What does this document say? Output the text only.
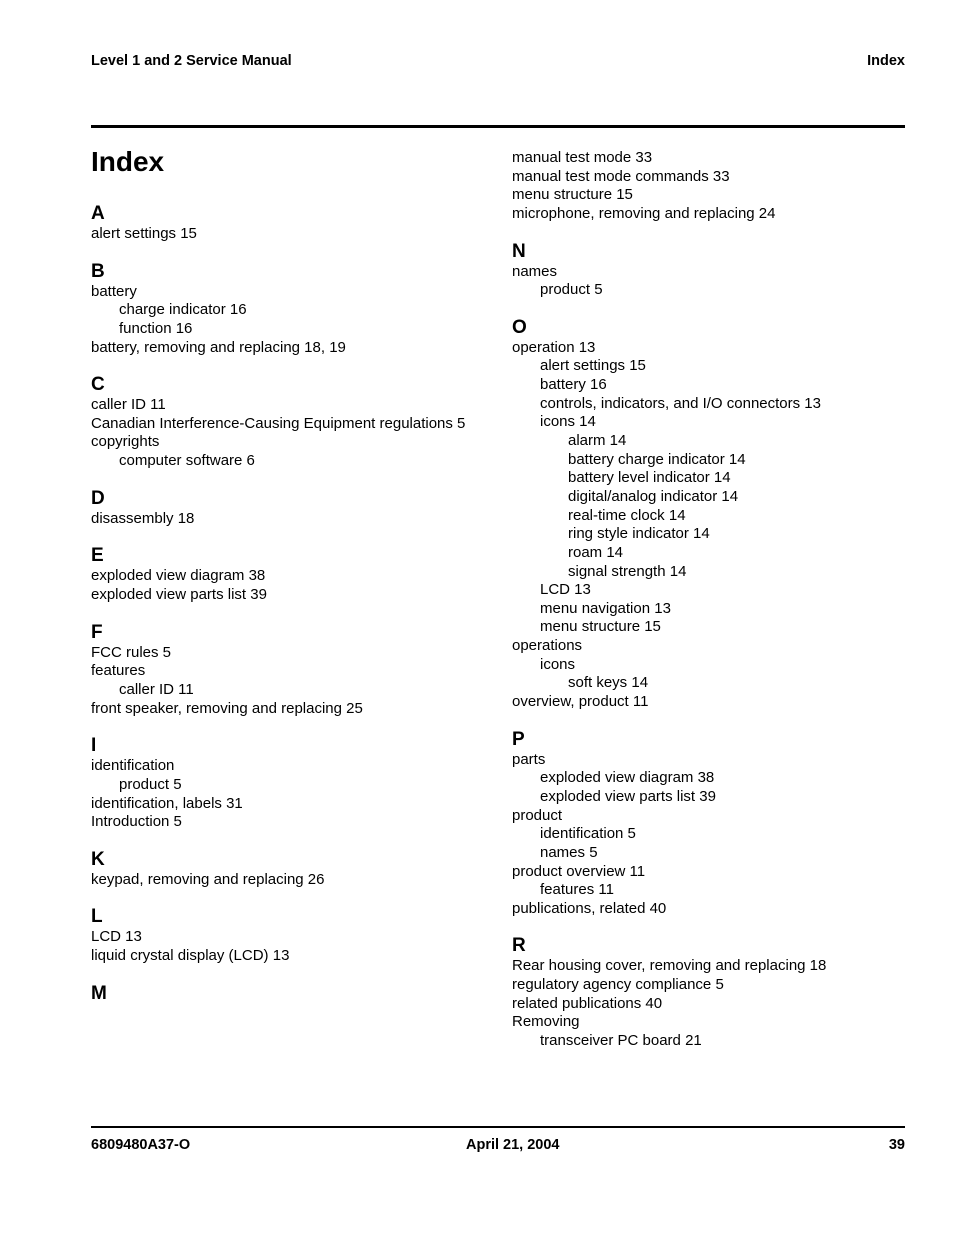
Level 1 and 2 Service Manual	Index
Index
A
alert settings 15
B
battery
charge indicator 16
function 16
battery, removing and replacing 18, 19
C
caller ID 11
Canadian Interference-Causing Equipment regulations 5
copyrights
computer software 6
D
disassembly 18
E
exploded view diagram 38
exploded view parts list 39
F
FCC rules 5
features
caller ID 11
front speaker, removing and replacing 25
I
identification
product 5
identification, labels 31
Introduction 5
K
keypad, removing and replacing 26
L
LCD 13
liquid crystal display (LCD) 13
M
manual test mode 33
manual test mode commands 33
menu structure 15
microphone, removing and replacing 24
N
names
product 5
O
operation 13
alert settings 15
battery 16
controls, indicators, and I/O connectors 13
icons 14
alarm 14
battery charge indicator 14
battery level indicator 14
digital/analog indicator 14
real-time clock 14
ring style indicator 14
roam 14
signal strength 14
LCD 13
menu navigation 13
menu structure 15
operations
icons
soft keys 14
overview, product 11
P
parts
exploded view diagram 38
exploded view parts list 39
product
identification 5
names 5
product overview 11
features 11
publications, related 40
R
Rear housing cover, removing and replacing 18
regulatory agency compliance 5
related publications 40
Removing
transceiver PC board 21
6809480A37-O	April 21, 2004	39
